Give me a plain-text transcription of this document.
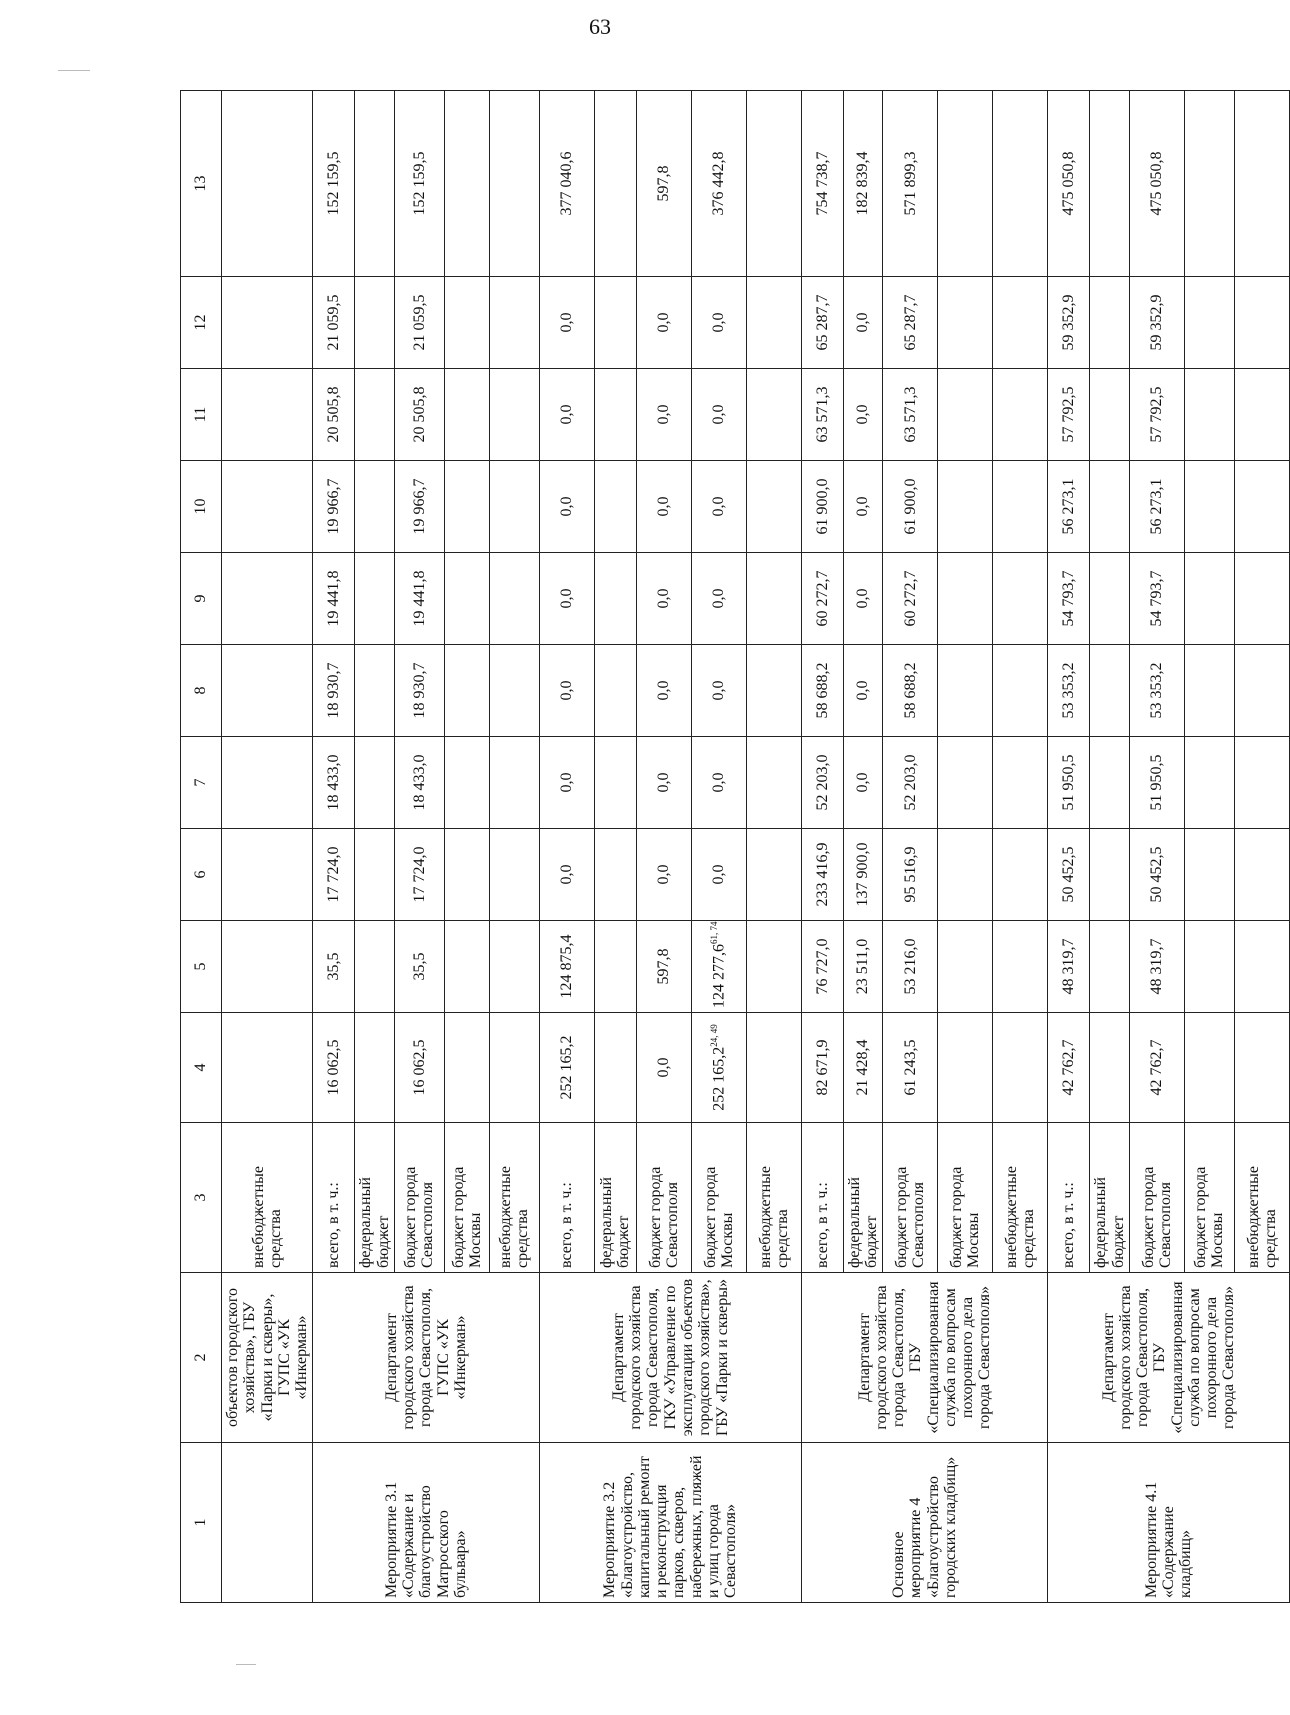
63
1	2	3	4	5	6	7	8	9	10	11	12	13
	объектов городского хозяйства», ГБУ «Парки и скверы», ГУПС «УК «Инкерман»	внебюджетные средства										
Мероприятие 3.1 «Содержание и благоустройство Матросского бульвара»	Департамент городского хозяйства города Севастополя, ГУПС «УК «Инкерман»	всего, в т. ч.:	16 062,5	35,5	17 724,0	18 433,0	18 930,7	19 441,8	19 966,7	20 505,8	21 059,5	152 159,5
		федеральный бюджет										
		бюджет города Севастополя	16 062,5	35,5	17 724,0	18 433,0	18 930,7	19 441,8	19 966,7	20 505,8	21 059,5	152 159,5
		бюджет города Москвы										
		внебюджетные средства										
Мероприятие 3.2 «Благоустройство, капитальный ремонт и реконструкция парков, скверов, набережных, пляжей и улиц города Севастополя»	Департамент городского хозяйства города Севастополя, ГКУ «Управление по эксплуатации объектов городского хозяйства», ГБУ «Парки и скверы»	всего, в т. ч.:	252 165,2	124 875,4	0,0	0,0	0,0	0,0	0,0	0,0	0,0	377 040,6
		федеральный бюджет										
		бюджет города Севастополя	0,0	597,8	0,0	0,0	0,0	0,0	0,0	0,0	0,0	597,8
		бюджет города Москвы	252 165,2$^{24, 49}$	124 277,6$^{61, 74}$	0,0	0,0	0,0	0,0	0,0	0,0	0,0	376 442,8
		внебюджетные средства										
Основное мероприятие 4 «Благоустройство городских кладбищ»	Департамент городского хозяйства города Севастополя, ГБУ «Специализированная служба по вопросам похоронного дела города Севастополя»	всего, в т. ч.:	82 671,9	76 727,0	233 416,9	52 203,0	58 688,2	60 272,7	61 900,0	63 571,3	65 287,7	754 738,7
		федеральный бюджет	21 428,4	23 511,0	137 900,0	0,0	0,0	0,0	0,0	0,0	0,0	182 839,4
		бюджет города Севастополя	61 243,5	53 216,0	95 516,9	52 203,0	58 688,2	60 272,7	61 900,0	63 571,3	65 287,7	571 899,3
		бюджет города Москвы										
		внебюджетные средства										
Мероприятие 4.1 «Содержание кладбищ»	Департамент городского хозяйства города Севастополя, ГБУ «Специализированная служба по вопросам похоронного дела города Севастополя»	всего, в т. ч.:	42 762,7	48 319,7	50 452,5	51 950,5	53 353,2	54 793,7	56 273,1	57 792,5	59 352,9	475 050,8
		федеральный бюджет										
		бюджет города Севастополя	42 762,7	48 319,7	50 452,5	51 950,5	53 353,2	54 793,7	56 273,1	57 792,5	59 352,9	475 050,8
		бюджет города Москвы										
		внебюджетные средства										
